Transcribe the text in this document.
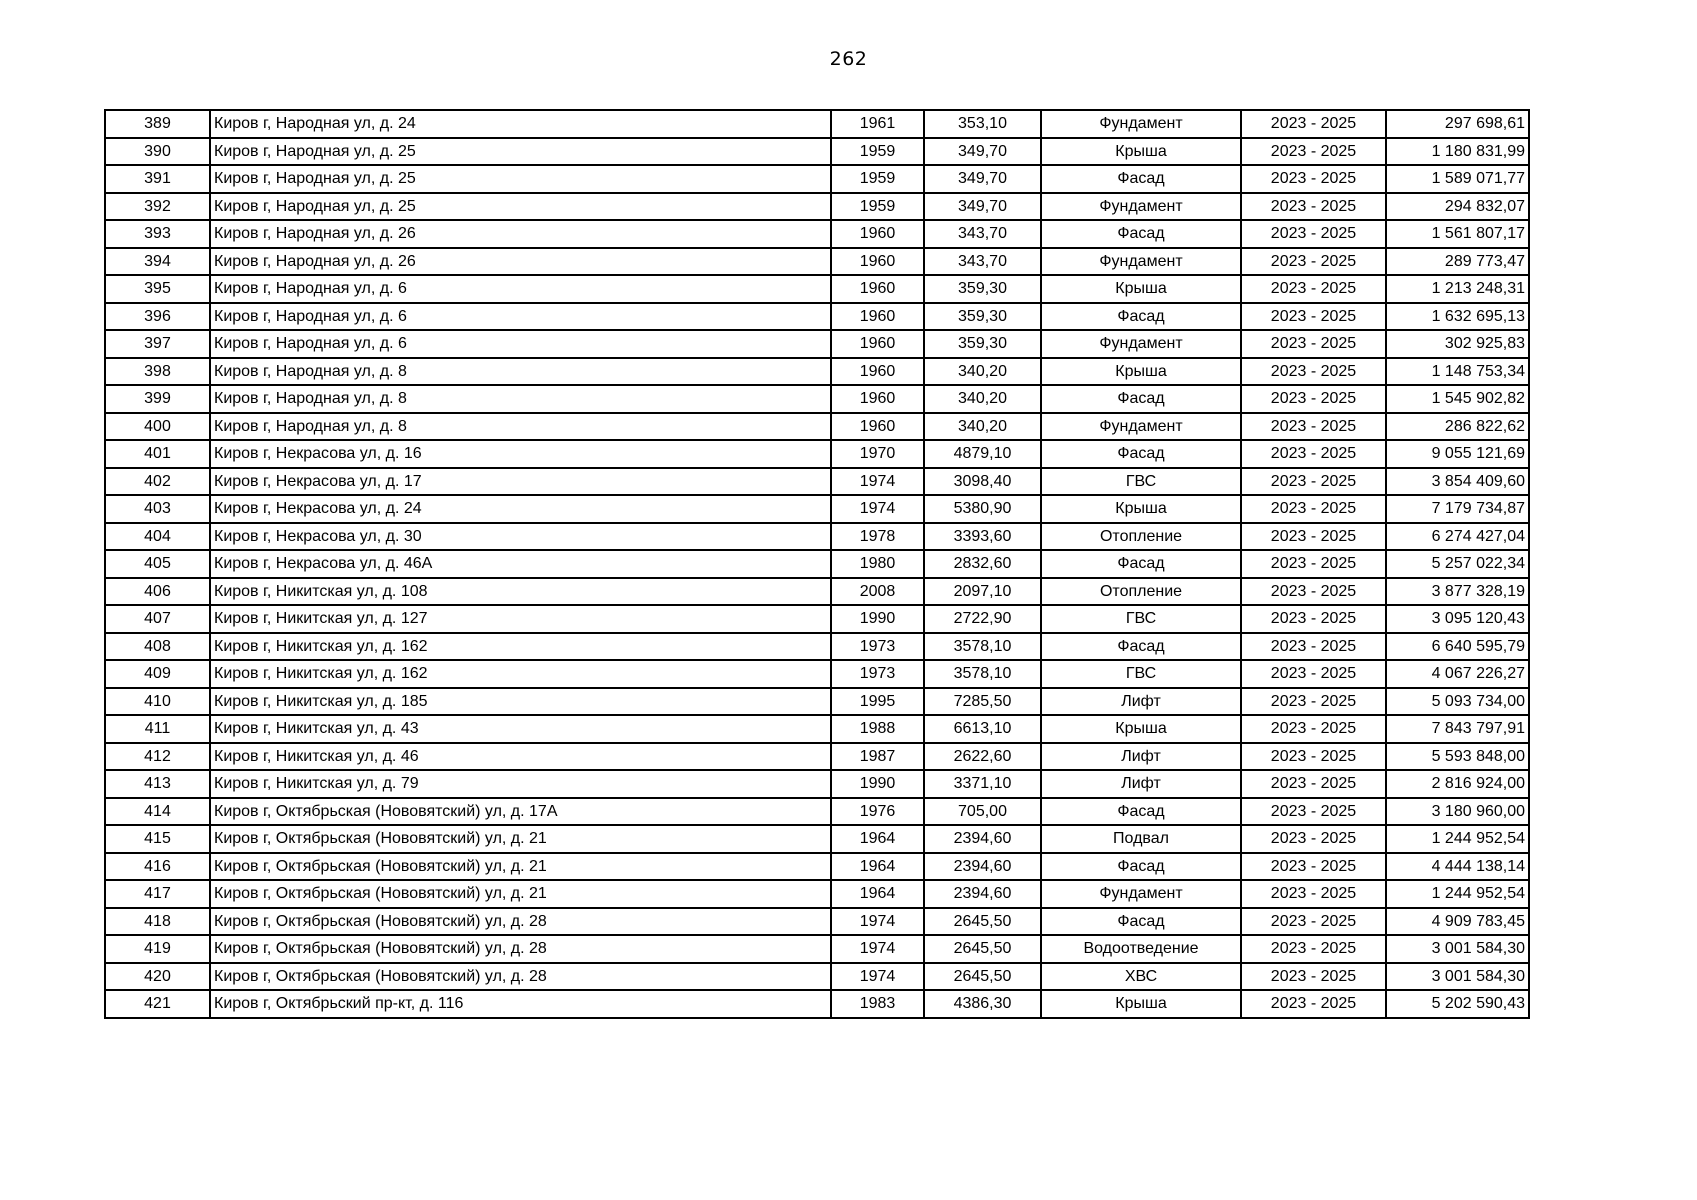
262
389	Киров г, Народная ул, д. 24	1961	353,10	Фундамент	2023 - 2025	297 698,61
390	Киров г, Народная ул, д. 25	1959	349,70	Крыша	2023 - 2025	1 180 831,99
391	Киров г, Народная ул, д. 25	1959	349,70	Фасад	2023 - 2025	1 589 071,77
392	Киров г, Народная ул, д. 25	1959	349,70	Фундамент	2023 - 2025	294 832,07
393	Киров г, Народная ул, д. 26	1960	343,70	Фасад	2023 - 2025	1 561 807,17
394	Киров г, Народная ул, д. 26	1960	343,70	Фундамент	2023 - 2025	289 773,47
395	Киров г, Народная ул, д. 6	1960	359,30	Крыша	2023 - 2025	1 213 248,31
396	Киров г, Народная ул, д. 6	1960	359,30	Фасад	2023 - 2025	1 632 695,13
397	Киров г, Народная ул, д. 6	1960	359,30	Фундамент	2023 - 2025	302 925,83
398	Киров г, Народная ул, д. 8	1960	340,20	Крыша	2023 - 2025	1 148 753,34
399	Киров г, Народная ул, д. 8	1960	340,20	Фасад	2023 - 2025	1 545 902,82
400	Киров г, Народная ул, д. 8	1960	340,20	Фундамент	2023 - 2025	286 822,62
401	Киров г, Некрасова ул, д. 16	1970	4879,10	Фасад	2023 - 2025	9 055 121,69
402	Киров г, Некрасова ул, д. 17	1974	3098,40	ГВС	2023 - 2025	3 854 409,60
403	Киров г, Некрасова ул, д. 24	1974	5380,90	Крыша	2023 - 2025	7 179 734,87
404	Киров г, Некрасова ул, д. 30	1978	3393,60	Отопление	2023 - 2025	6 274 427,04
405	Киров г, Некрасова ул, д. 46А	1980	2832,60	Фасад	2023 - 2025	5 257 022,34
406	Киров г, Никитская ул, д. 108	2008	2097,10	Отопление	2023 - 2025	3 877 328,19
407	Киров г, Никитская ул, д. 127	1990	2722,90	ГВС	2023 - 2025	3 095 120,43
408	Киров г, Никитская ул, д. 162	1973	3578,10	Фасад	2023 - 2025	6 640 595,79
409	Киров г, Никитская ул, д. 162	1973	3578,10	ГВС	2023 - 2025	4 067 226,27
410	Киров г, Никитская ул, д. 185	1995	7285,50	Лифт	2023 - 2025	5 093 734,00
411	Киров г, Никитская ул, д. 43	1988	6613,10	Крыша	2023 - 2025	7 843 797,91
412	Киров г, Никитская ул, д. 46	1987	2622,60	Лифт	2023 - 2025	5 593 848,00
413	Киров г, Никитская ул, д. 79	1990	3371,10	Лифт	2023 - 2025	2 816 924,00
414	Киров г, Октябрьская (Нововятский) ул, д. 17А	1976	705,00	Фасад	2023 - 2025	3 180 960,00
415	Киров г, Октябрьская (Нововятский) ул, д. 21	1964	2394,60	Подвал	2023 - 2025	1 244 952,54
416	Киров г, Октябрьская (Нововятский) ул, д. 21	1964	2394,60	Фасад	2023 - 2025	4 444 138,14
417	Киров г, Октябрьская (Нововятский) ул, д. 21	1964	2394,60	Фундамент	2023 - 2025	1 244 952,54
418	Киров г, Октябрьская (Нововятский) ул, д. 28	1974	2645,50	Фасад	2023 - 2025	4 909 783,45
419	Киров г, Октябрьская (Нововятский) ул, д. 28	1974	2645,50	Водоотведение	2023 - 2025	3 001 584,30
420	Киров г, Октябрьская (Нововятский) ул, д. 28	1974	2645,50	ХВС	2023 - 2025	3 001 584,30
421	Киров г, Октябрьский пр-кт, д. 116	1983	4386,30	Крыша	2023 - 2025	5 202 590,43
